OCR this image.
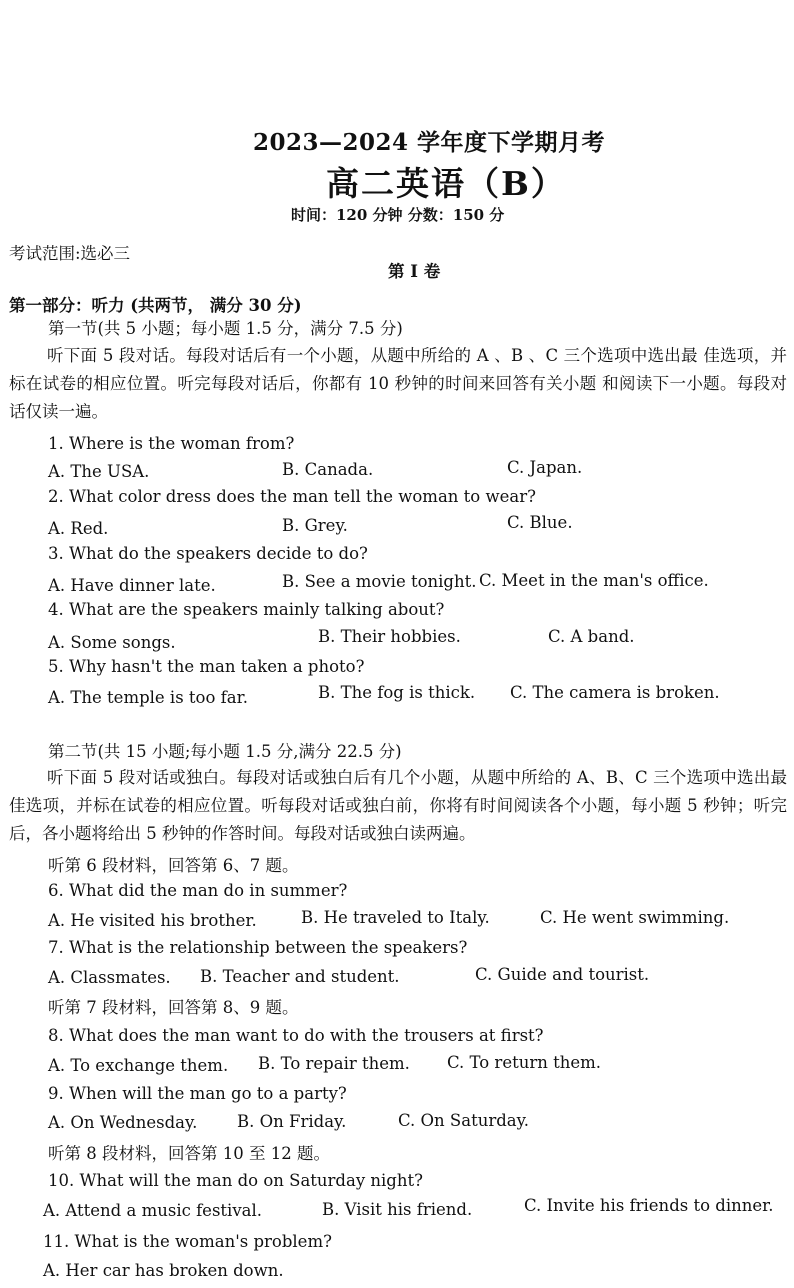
2023—2024 学年度下学期月考
高二英语（B）
时间：120 分钟 分数：150 分
考试范围:选必三
第 I 卷
第一部分：听力 (共两节， 满分 30 分)
第一节(共 5 小题；每小题 1.5 分，满分 7.5 分)
听下面 5 段对话。每段对话后有一个小题，从题中所给的 A 、B 、C 三个选项中选出最 佳选项，并标在试卷的相应位置。听完每段对话后，你都有 10 秒钟的时间来回答有关小题 和阅读下一小题。每段对话仅读一遍。
1. Where is the woman from?
A. The USA.	B. Canada.	C. Japan.
2. What color dress does the man tell the woman to wear?
A. Red.	B. Grey.	C. Blue.
3. What do the speakers decide to do?
A. Have dinner late.	B. See a movie tonight. C. Meet in the man's office.
4. What are the speakers mainly talking about?
A. Some songs.	B. Their hobbies.	C. A band.
5. Why hasn't the man taken a photo?
A. The temple is too far.	B. The fog is thick. C. The camera is broken.
第二节(共 15 小题;每小题 1.5 分,满分 22.5 分)
听下面 5 段对话或独白。每段对话或独白后有几个小题，从题中所给的 A、B、C 三个选项中选出最佳选项，并标在试卷的相应位置。听每段对话或独白前，你将有时间阅读各个小题，每小题 5 秒钟；听完后，各小题将给出 5 秒钟的作答时间。每段对话或独白读两遍。
听第 6 段材料，回答第 6、7 题。
6. What did the man do in summer?
A. He visited his brother.	B. He traveled to Italy.	C. He went swimming.
7. What is the relationship between the speakers?
A. Classmates. B. Teacher and student.	C. Guide and tourist.
听第 7 段材料，回答第 8、9 题。
8. What does the man want to do with the trousers at first?
A. To exchange them. B. To repair them. C. To return them.
9. When will the man go to a party?
A. On Wednesday. B. On Friday.	C. On Saturday.
听第 8 段材料，回答第 10 至 12 题。
10. What will the man do on Saturday night?
A. Attend a music festival.	B. Visit his friend.	C. Invite his friends to dinner.
11. What is the woman's problem?
A. Her car has broken down.
